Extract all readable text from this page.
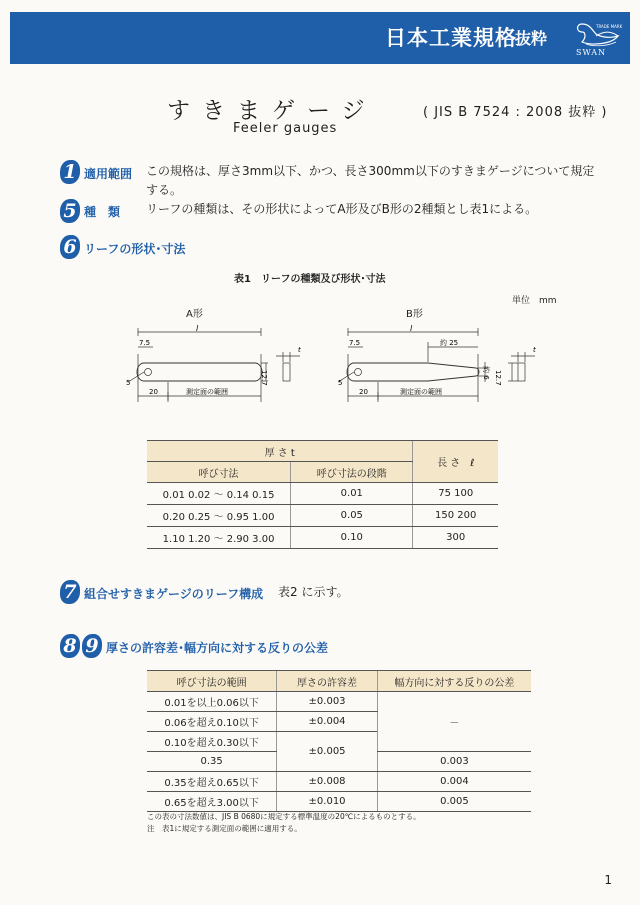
日本工業規格
抜粋
TRADE MARK
SWAN
すきまゲージ	( JIS B 7524 : 2008 抜粋 )
Feeler gauges
1 適用範囲 この規格は、厚さ3mm以下、かつ、長さ300mm以下のすきまゲージについて規定
する。
5 種　類 リーフの種類は、その形状によってA形及びB形の2種類とし表1による。
6 リーフの形状･寸法
表1　リーフの種類及び形状･寸法
単位　mm
A形	B形
l
7.5
5
20	測定面の範囲
12.7
t
l
7.5	約 25
5
20	測定面の範囲
約 6 12.7
t
厚 さ t		長 さ　ℓ
呼び寸法	呼び寸法の段階	
0.01 0.02 ～ 0.14 0.15	0.01	75 100
0.20 0.25 ～ 0.95 1.00	0.05	150 200
1.10 1.20 ～ 2.90 3.00	0.10	300
7 組合せすきまゲージのリーフ構成 表2 に示す。
8 9 厚さの許容差･幅方向に対する反りの公差
呼び寸法の範囲	厚さの許容差	幅方向に対する反りの公差
0.01を以上0.06以下	±0.003	－
0.06を超え0.10以下	±0.004	
0.10を超え0.30以下	±0.005	
0.35		0.003
0.35を超え0.65以下	±0.008	0.004
0.65を超え3.00以下	±0.010	0.005
この表の寸法数値は、JIS B 0680に規定する標準温度の20℃によるものとする。
注　表1に規定する測定面の範囲に適用する。
1
